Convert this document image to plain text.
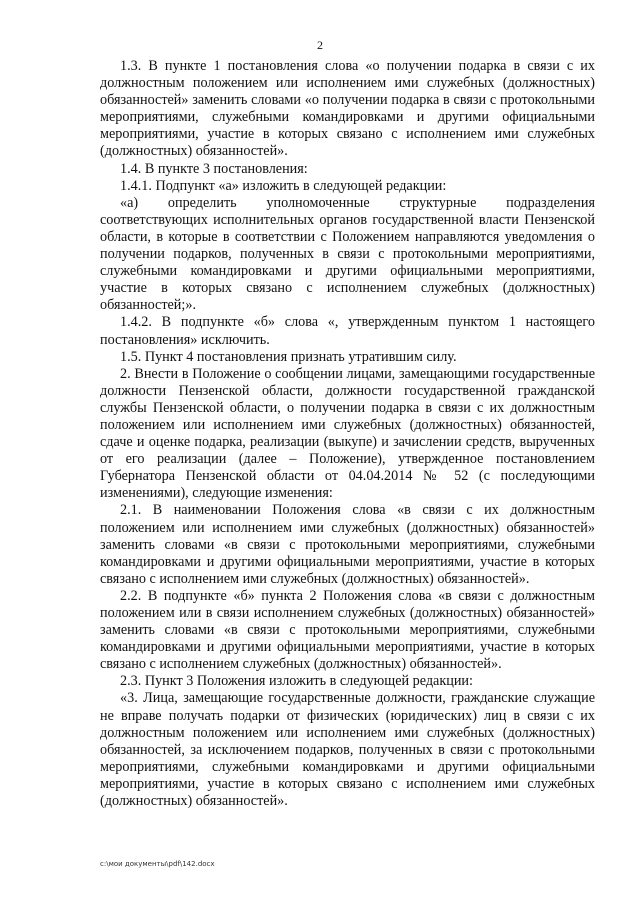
2

1.3. В пункте 1 постановления слова «о получении подарка в связи с их должностным положением или исполнением ими служебных (должностных) обязанностей» заменить словами «о получении подарка в связи с протокольными мероприятиями, служебными командировками и другими официальными мероприятиями, участие в которых связано с исполнением ими служебных (должностных) обязанностей».

1.4. В пункте 3 постановления:

1.4.1. Подпункт «а» изложить в следующей редакции:

«а) определить уполномоченные структурные подразделения соответствующих исполнительных органов государственной власти Пензенской области, в которые в соответствии с Положением направляются уведомления о получении подарков, полученных в связи с протокольными мероприятиями, служебными командировками и другими официальными мероприятиями, участие в которых связано с исполнением служебных (должностных) обязанностей;».

1.4.2. В подпункте «б» слова «, утвержденным пунктом 1 настоящего постановления» исключить.

1.5. Пункт 4 постановления признать утратившим силу.

2. Внести в Положение о сообщении лицами, замещающими государственные должности Пензенской области, должности государственной гражданской службы Пензенской области, о получении подарка в связи с их должностным положением или исполнением ими служебных (должностных) обязанностей, сдаче и оценке подарка, реализации (выкупе) и зачислении средств, вырученных от его реализации (далее – Положение), утвержденное постановлением Губернатора Пензенской области от 04.04.2014 № 52 (с последующими изменениями), следующие изменения:

2.1. В наименовании Положения слова «в связи с их должностным положением или исполнением ими служебных (должностных) обязанностей» заменить словами «в связи с протокольными мероприятиями, служебными командировками и другими официальными мероприятиями, участие в которых связано с исполнением ими служебных (должностных) обязанностей».

2.2. В подпункте «б» пункта 2 Положения слова «в связи с должностным положением или в связи исполнением служебных (должностных) обязанностей» заменить словами «в связи с протокольными мероприятиями, служебными командировками и другими официальными мероприятиями, участие в которых связано с исполнением служебных (должностных) обязанностей».

2.3. Пункт 3 Положения изложить в следующей редакции:

«3. Лица, замещающие государственные должности, гражданские служащие не вправе получать подарки от физических (юридических) лиц в связи с их должностным положением или исполнением ими служебных (должностных) обязанностей, за исключением подарков, полученных в связи с протокольными мероприятиями, служебными командировками и другими официальными мероприятиями, участие в которых связано с исполнением ими служебных (должностных) обязанностей».

c:\мои документы\pdf\142.docx
